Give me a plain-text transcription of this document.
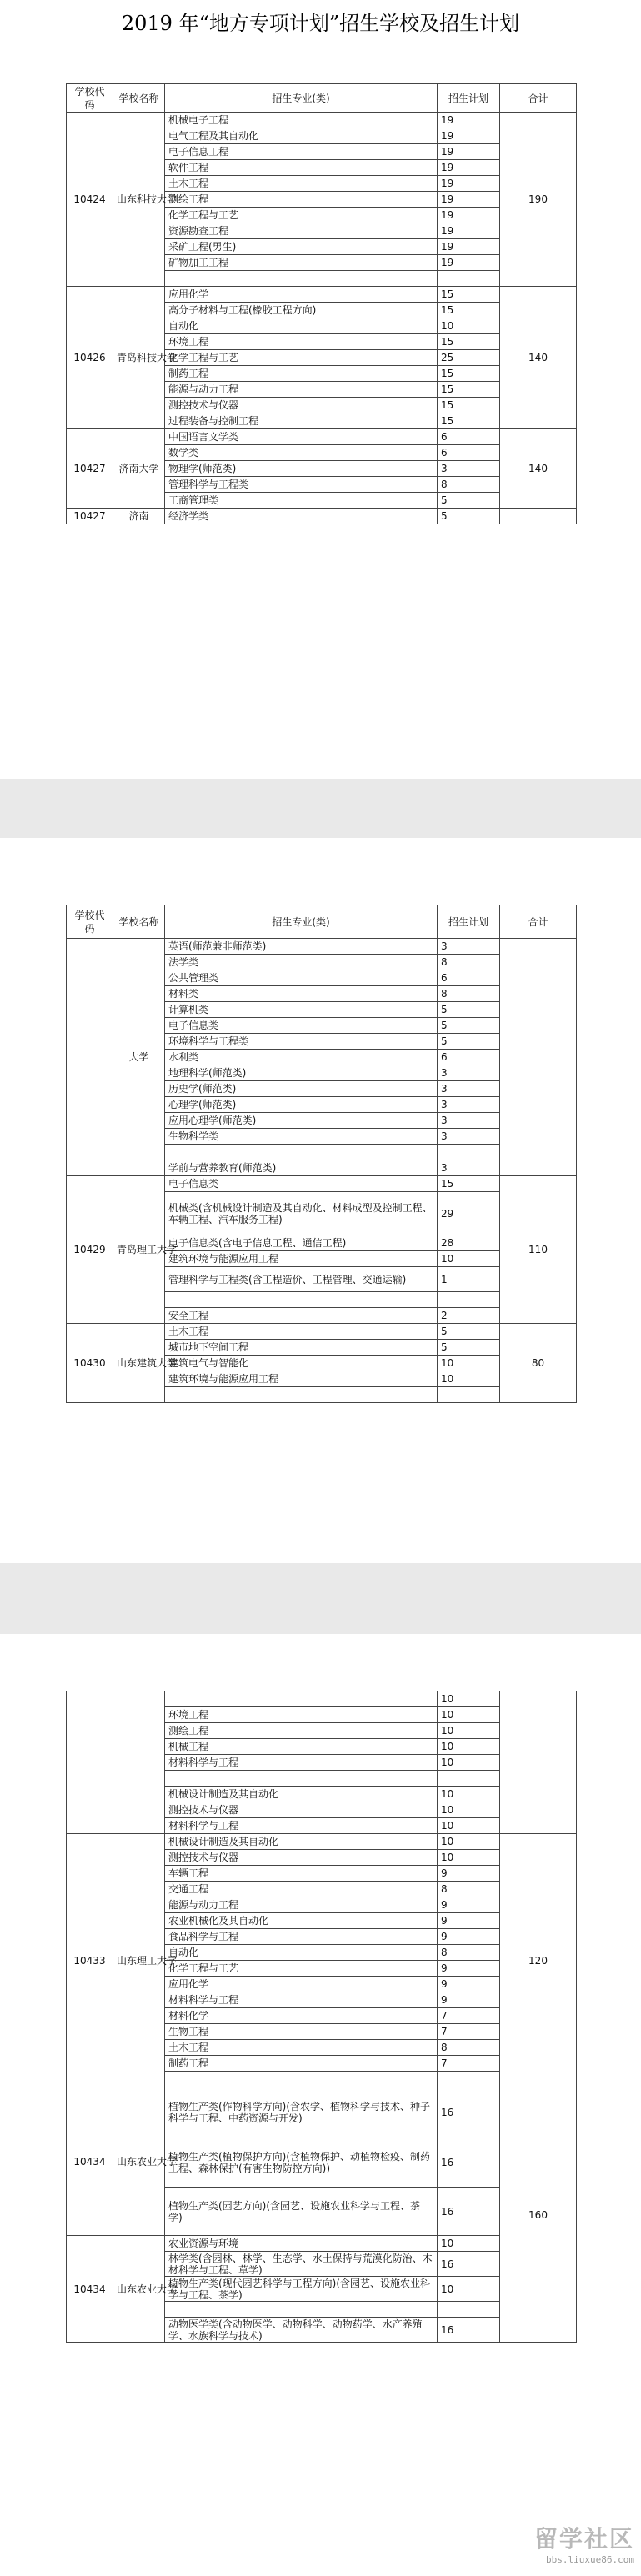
2019 年“地方专项计划”招生学校及招生计划
学校代码	学校名称	招生专业(类)	招生计划	合计
10424	山东科技大学	机械电子工程	19	190
		电气工程及其自动化	19	
		电子信息工程	19	
		软件工程	19	
		土木工程	19	
		测绘工程	19	
		化学工程与工艺	19	
		资源勘查工程	19	
		采矿工程(男生)	19	
		矿物加工工程	19	

10426	青岛科技大学	应用化学	15	140
		高分子材料与工程(橡胶工程方向)	15	
		自动化	10	
		环境工程	15	
		化学工程与工艺	25	
		制药工程	15	
		能源与动力工程	15	
		测控技术与仪器	15	
		过程装备与控制工程	15	
10427	济南大学	中国语言文学类	6	140
		数学类	6	
		物理学(师范类)	3	
		管理科学与工程类	8	
		工商管理类	5	
10427	济南	经济学类	5	
学校代码	学校名称	招生专业(类)	招生计划	合计
	大学	英语(师范兼非师范类)	3	
		法学类	8	
		公共管理类	6	
		材料类	8	
		计算机类	5	
		电子信息类	5	
		环境科学与工程类	5	
		水利类	6	
		地理科学(师范类)	3	
		历史学(师范类)	3	
		心理学(师范类)	3	
		应用心理学(师范类)	3	
		生物科学类	3	

		学前与营养教育(师范类)	3	
10429	青岛理工大学	电子信息类	15	110
		机械类(含机械设计制造及其自动化、材料成型及控制工程、车辆工程、汽车服务工程)	29	
		电子信息类(含电子信息工程、通信工程)	28	
		建筑环境与能源应用工程	10	
		管理科学与工程类(含工程造价、工程管理、交通运输)	1	

		安全工程	2	
10430	山东建筑大学	土木工程	5	80
		城市地下空间工程	5	
		建筑电气与智能化	10	
		建筑环境与能源应用工程	10	

			10	
		环境工程	10	
		测绘工程	10	
		机械工程	10	
		材料科学与工程	10	

		机械设计制造及其自动化	10	
		测控技术与仪器	10	
		材料科学与工程	10	
10433	山东理工大学	机械设计制造及其自动化	10	120
		测控技术与仪器	10	
		车辆工程	9	
		交通工程	8	
		能源与动力工程	9	
		农业机械化及其自动化	9	
		食品科学与工程	9	
		自动化	8	
		化学工程与工艺	9	
		应用化学	9	
		材料科学与工程	9	
		材料化学	7	
		生物工程	7	
		土木工程	8	
		制药工程	7	

10434	山东农业大学	植物生产类(作物科学方向)(含农学、植物科学与技术、种子科学与工程、中药资源与开发)	16	160
		植物生产类(植物保护方向)(含植物保护、动植物检疫、制药工程、森林保护(有害生物防控方向))	16	
		植物生产类(园艺方向)(含园艺、设施农业科学与工程、茶学)	16	
10434	山东农业大学	农业资源与环境	10	
		林学类(含园林、林学、生态学、水土保持与荒漠化防治、木材科学与工程、草学)	16	
		植物生产类(现代园艺科学与工程方向)(含园艺、设施农业科学与工程、茶学)	10	

		动物医学类(含动物医学、动物科学、动物药学、水产养殖学、水族科学与技术)	16	
留学社区
bbs.liuxue86.com
